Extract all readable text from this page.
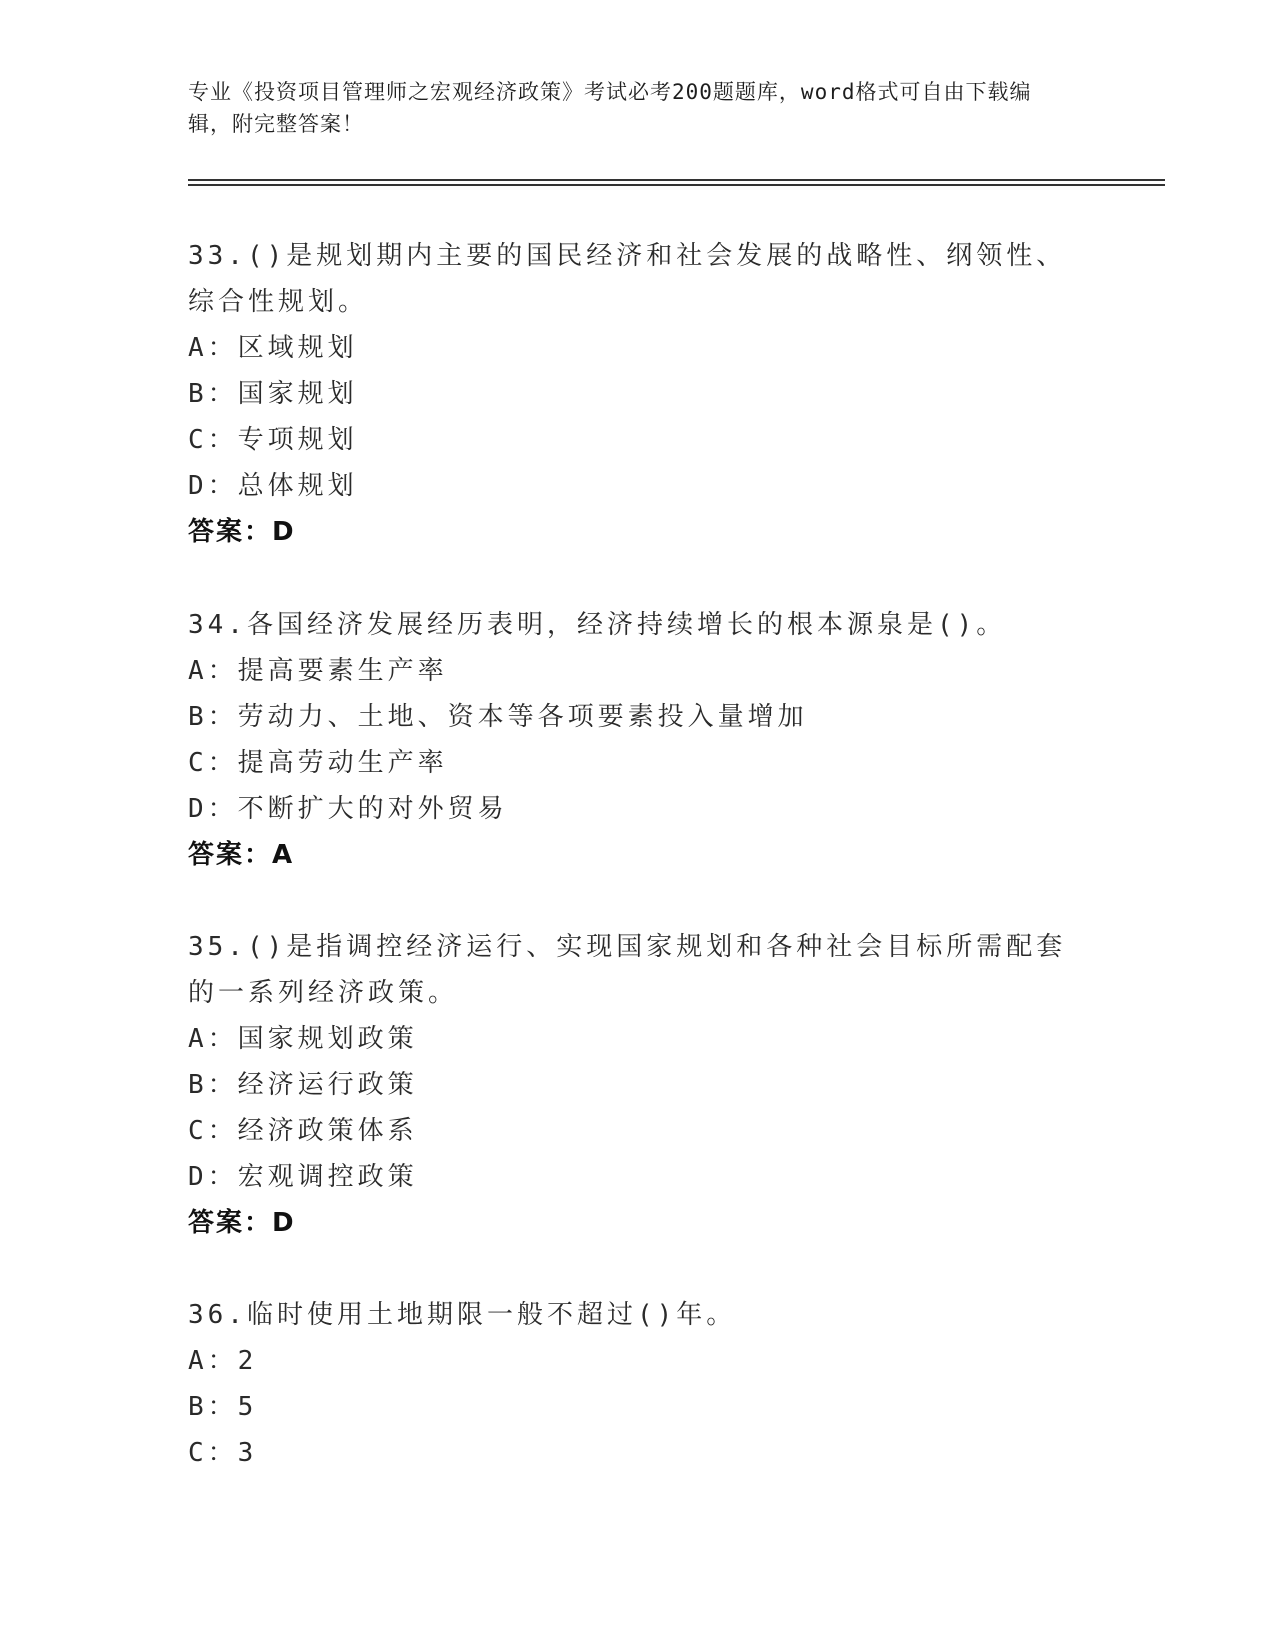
专业《投资项目管理师之宏观经济政策》考试必考200题题库，word格式可自由下载编辑，附完整答案！

33.()是规划期内主要的国民经济和社会发展的战略性、纲领性、综合性规划。

A：区域规划
B：国家规划
C：专项规划
D：总体规划
答案：D

34.各国经济发展经历表明，经济持续增长的根本源泉是()。

A：提高要素生产率
B：劳动力、土地、资本等各项要素投入量增加
C：提高劳动生产率
D：不断扩大的对外贸易
答案：A

35.()是指调控经济运行、实现国家规划和各种社会目标所需配套的一系列经济政策。

A：国家规划政策
B：经济运行政策
C：经济政策体系
D：宏观调控政策
答案：D

36.临时使用土地期限一般不超过()年。

A：2
B：5
C：3
